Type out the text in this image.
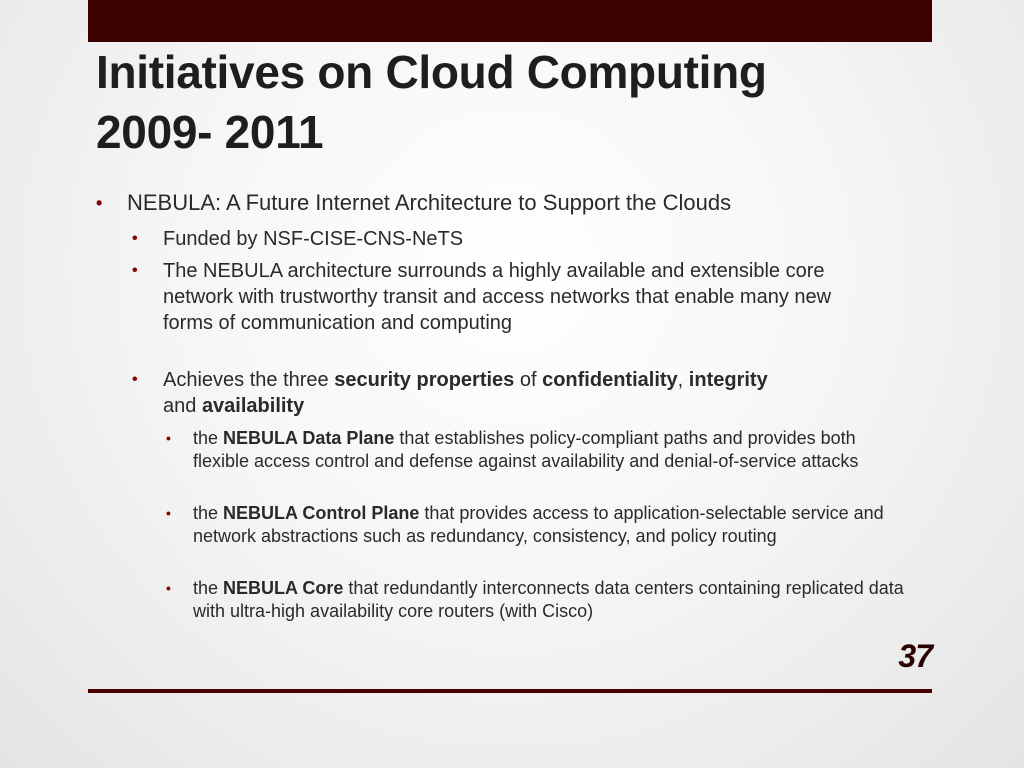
Initiatives on Cloud Computing
2009- 2011
• NEBULA: A Future Internet Architecture to Support the Clouds
• Funded by NSF-CISE-CNS-NeTS
• The NEBULA architecture surrounds a highly available and extensible core network with trustworthy transit and access networks that enable many new forms of communication and computing
• Achieves the three security properties of confidentiality, integrity
and availability
• the NEBULA Data Plane that establishes policy-compliant paths and provides both flexible access control and defense against availability and denial-of-service attacks
• the NEBULA Control Plane that provides access to application-selectable service and network abstractions such as redundancy, consistency, and policy routing
• the NEBULA Core that redundantly interconnects data centers containing replicated data with ultra-high availability core routers (with Cisco)
37
